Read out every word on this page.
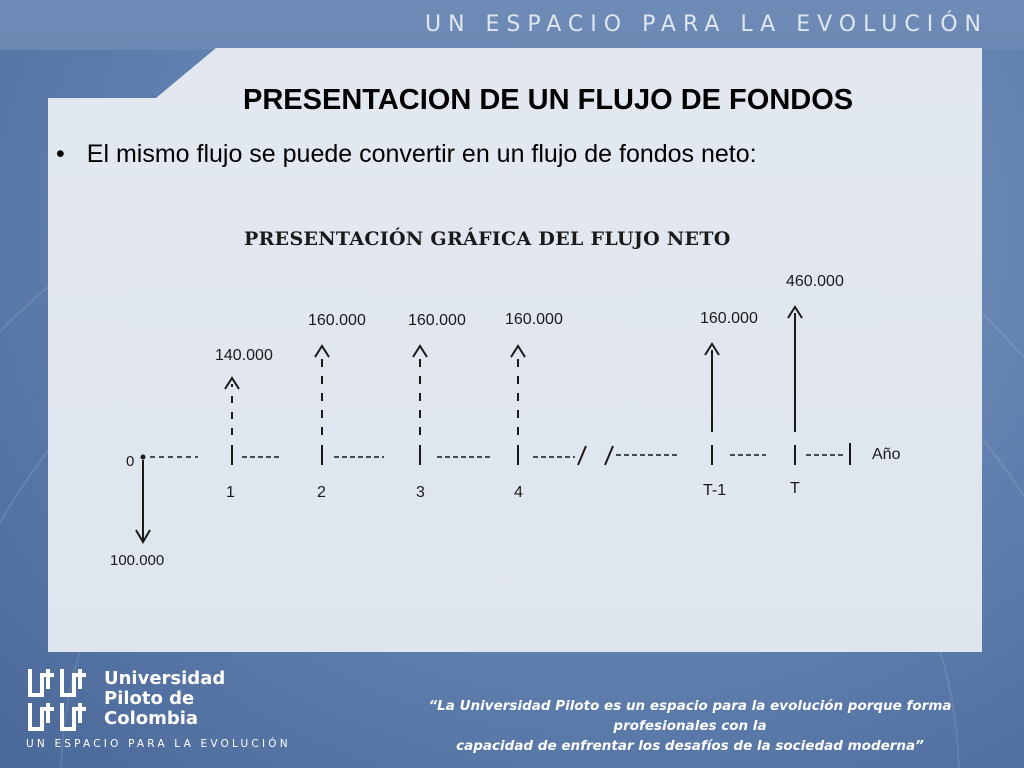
UN ESPACIO PARA LA EVOLUCIÓN
PRESENTACION DE UN FLUJO DE FONDOS
• El mismo flujo se puede convertir en un flujo de fondos neto:
PRESENTACIÓN GRÁFICA DEL FLUJO NETO
0
100.000
140.000
1
160.000
2
160.000
3
160.000
4
160.000
T-1
460.000
T
Año
Universidad
Piloto de Colombia
UN ESPACIO PARA LA EVOLUCIÓN
“La Universidad Piloto es un espacio para la evolución porque forma profesionales con la
capacidad de enfrentar los desafíos de la sociedad moderna”
